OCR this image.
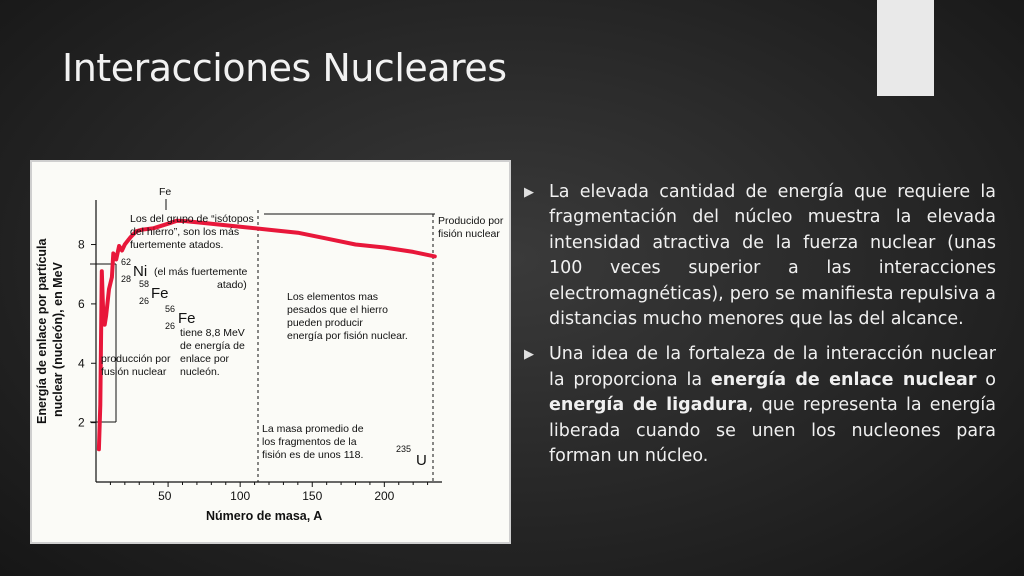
Interacciones Nucleares
Energía de enlace por partícula nuclear (nucleón), en MeV
Número de masa, A
Fe
2
4
6
8
50	100	150	200
Los del grupo de “isótopos
del hierro”, son los más
fuertemente atados.
62
28 Ni (el más fuertemente
atado)
58
26 Fe
56
26 Fe
tiene 8,8 MeV
de energía de
enlace por
nucleón.
producción por
fusión nuclear
Producido por
fisión nuclear
Los elementos mas
pesados que el hierro
pueden producir
energía por fisión nuclear.
La masa promedio de
los fragmentos de la
fisión es de unos 118.	235
U
▶ La elevada cantidad de energía que requiere la fragmentación del núcleo muestra la elevada intensidad atractiva de la fuerza nuclear (unas 100 veces superior a las interacciones electromagnéticas), pero se manifiesta repulsiva a distancias mucho menores que las del alcance.
▶ Una idea de la fortaleza de la interacción nuclear la proporciona la energía de enlace nuclear o energía de ligadura, que representa la energía liberada cuando se unen los nucleones para forman un núcleo.
